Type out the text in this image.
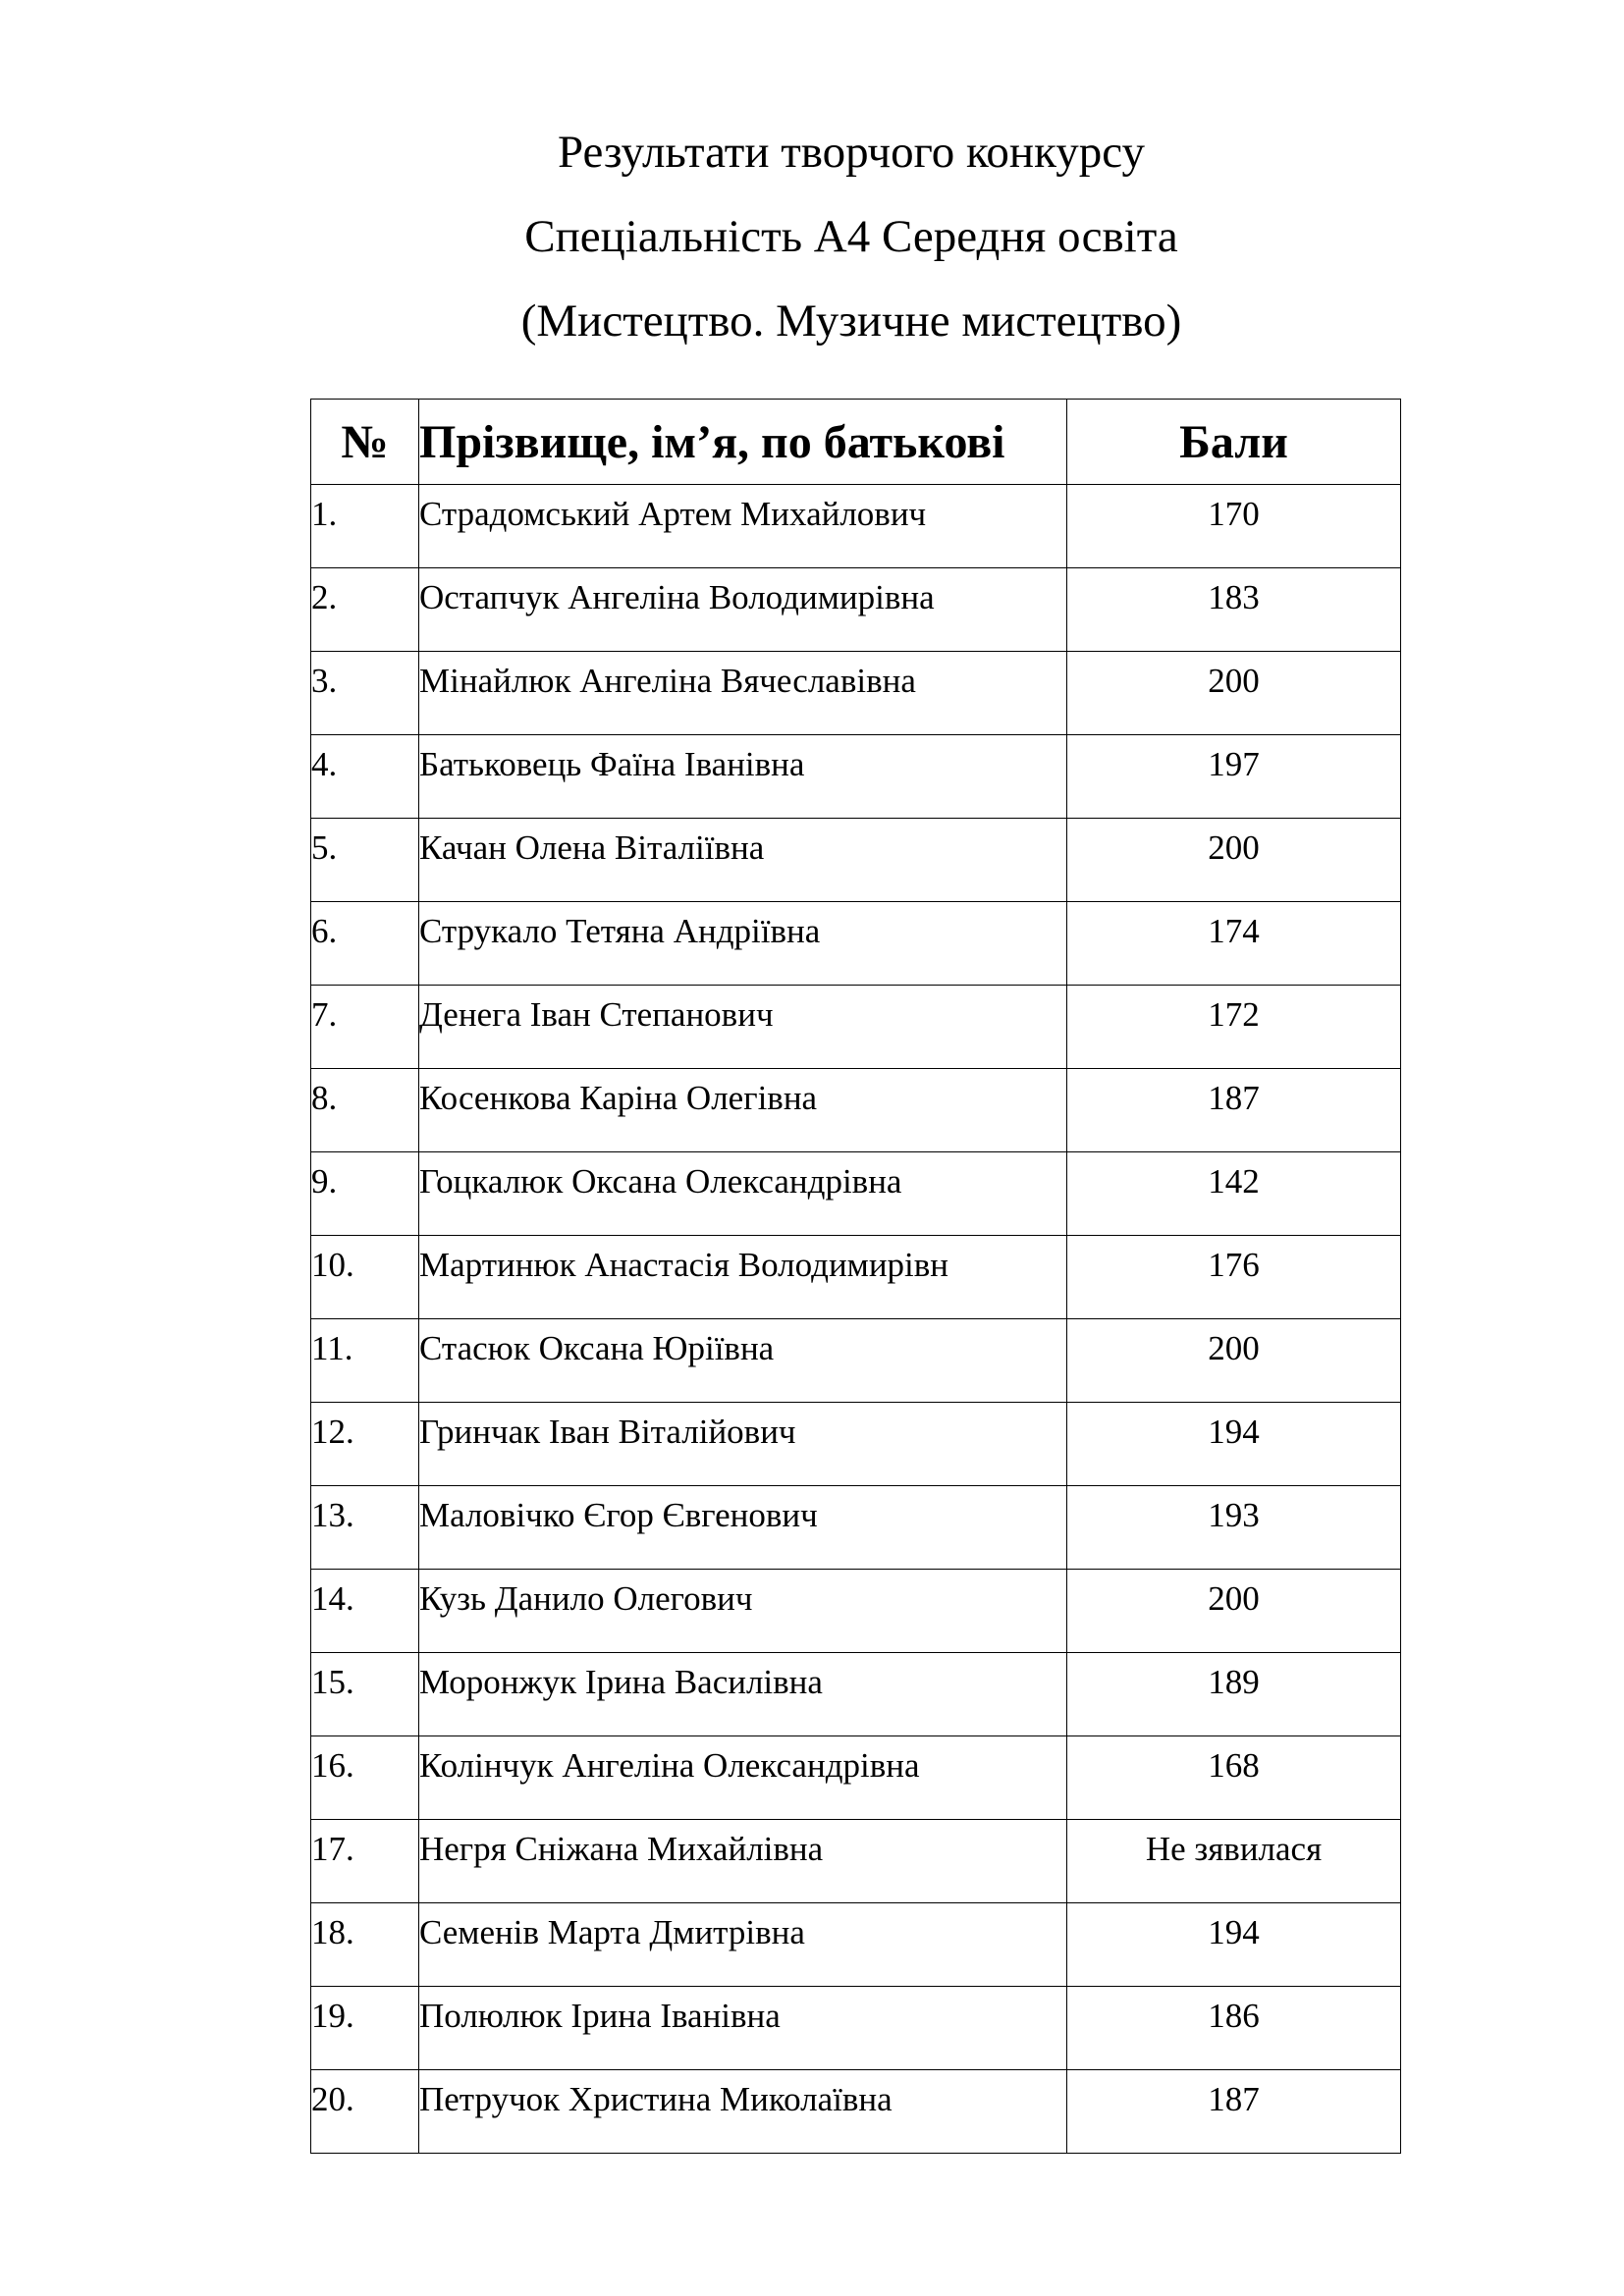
Результати творчого конкурсу
Спеціальність А4 Середня освіта
(Мистецтво. Музичне мистецтво)
№	Прізвище, ім’я, по батькові	Бали
1.	Страдомський Артем Михайлович	170
2.	Остапчук Ангеліна Володимирівна	183
3.	Мінайлюк Ангеліна Вячеславівна	200
4.	Батьковець Фаїна Іванівна	197
5.	Качан Олена Віталіївна	200
6.	Струкало Тетяна Андріївна	174
7.	Денега Іван Степанович	172
8.	Косенкова Каріна Олегівна	187
9.	Гоцкалюк Оксана Олександрівна	142
10.	Мартинюк Анастасія Володимирівн	176
11.	Стасюк Оксана Юріївна	200
12.	Гринчак Іван Віталійович	194
13.	Маловічко Єгор Євгенович	193
14.	Кузь Данило Олегович	200
15.	Моронжук Ірина Василівна	189
16.	Колінчук Ангеліна Олександрівна	168
17.	Негря Сніжана Михайлівна	Не зявилася
18.	Семенів Марта Дмитрівна	194
19.	Полюлюк Ірина Іванівна	186
20.	Петручок Христина Миколаївна	187
